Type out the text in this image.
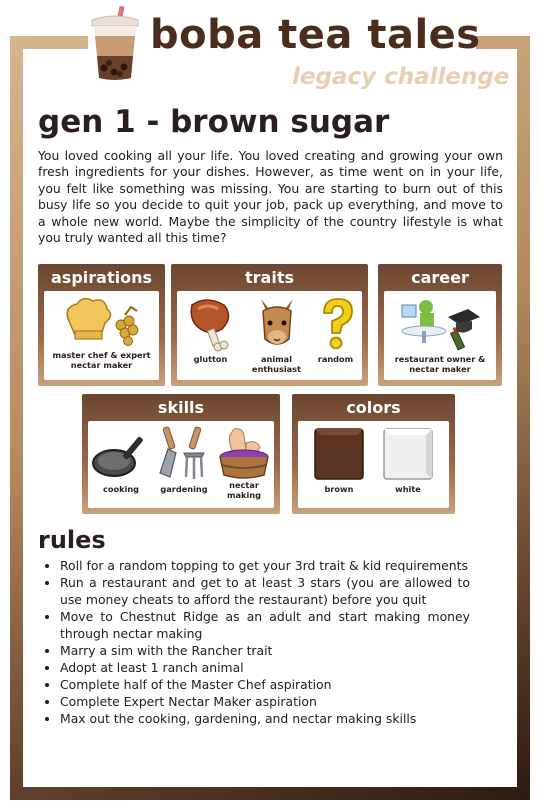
boba tea tales
legacy challenge
gen 1 - brown sugar

You loved cooking all your life. You loved creating and growing your own fresh ingredients for your dishes. However, as time went on in your life, you felt like something was missing. You are starting to burn out of this busy life so you decide to quit your job, pack up everything, and move to a whole new world. Maybe the simplicity of the country lifestyle is what you truly wanted all this time?

aspirations
master chef & expert nectar maker
traits
glutton	animal enthusiast
random
career
restaurant owner & nectar maker
skills
cooking	gardening	nectar making
colors
brown	white
rules
• Roll for a random topping to get your 3rd trait & kid requirements
• Run a restaurant and get to at least 3 stars (you are allowed to use money cheats to afford the restaurant) before you quit
• Move to Chestnut Ridge as an adult and start making money through nectar making
• Marry a sim with the Rancher trait
• Adopt at least 1 ranch animal
• Complete half of the Master Chef aspiration
• Complete Expert Nectar Maker aspiration
• Max out the cooking, gardening, and nectar making skills
